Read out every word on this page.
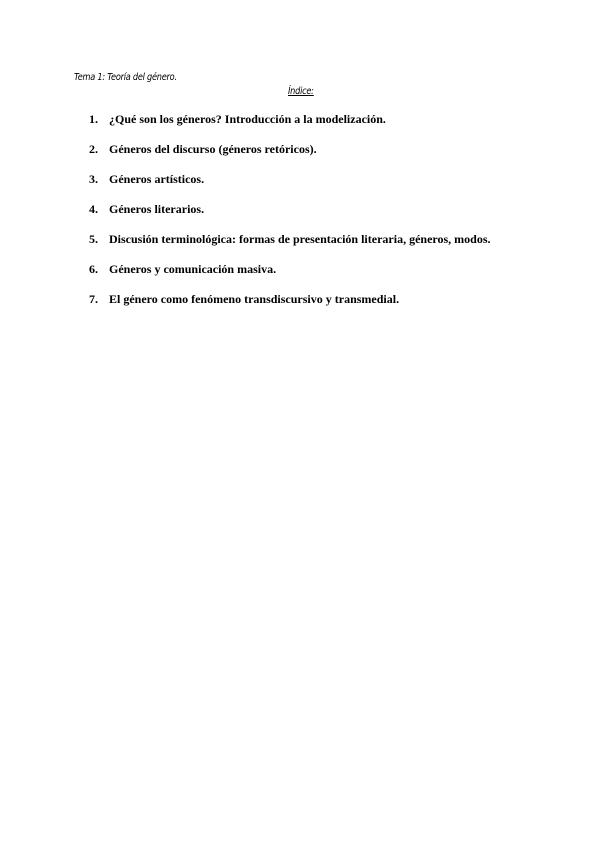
Tema 1: Teoría del género.
Índice:
1. ¿Qué son los géneros? Introducción a la modelización.
2. Géneros del discurso (géneros retóricos).
3. Géneros artísticos.
4. Géneros literarios.
5. Discusión terminológica: formas de presentación literaria, géneros, modos.
6. Géneros y comunicación masiva.
7. El género como fenómeno transdiscursivo y transmedial.
